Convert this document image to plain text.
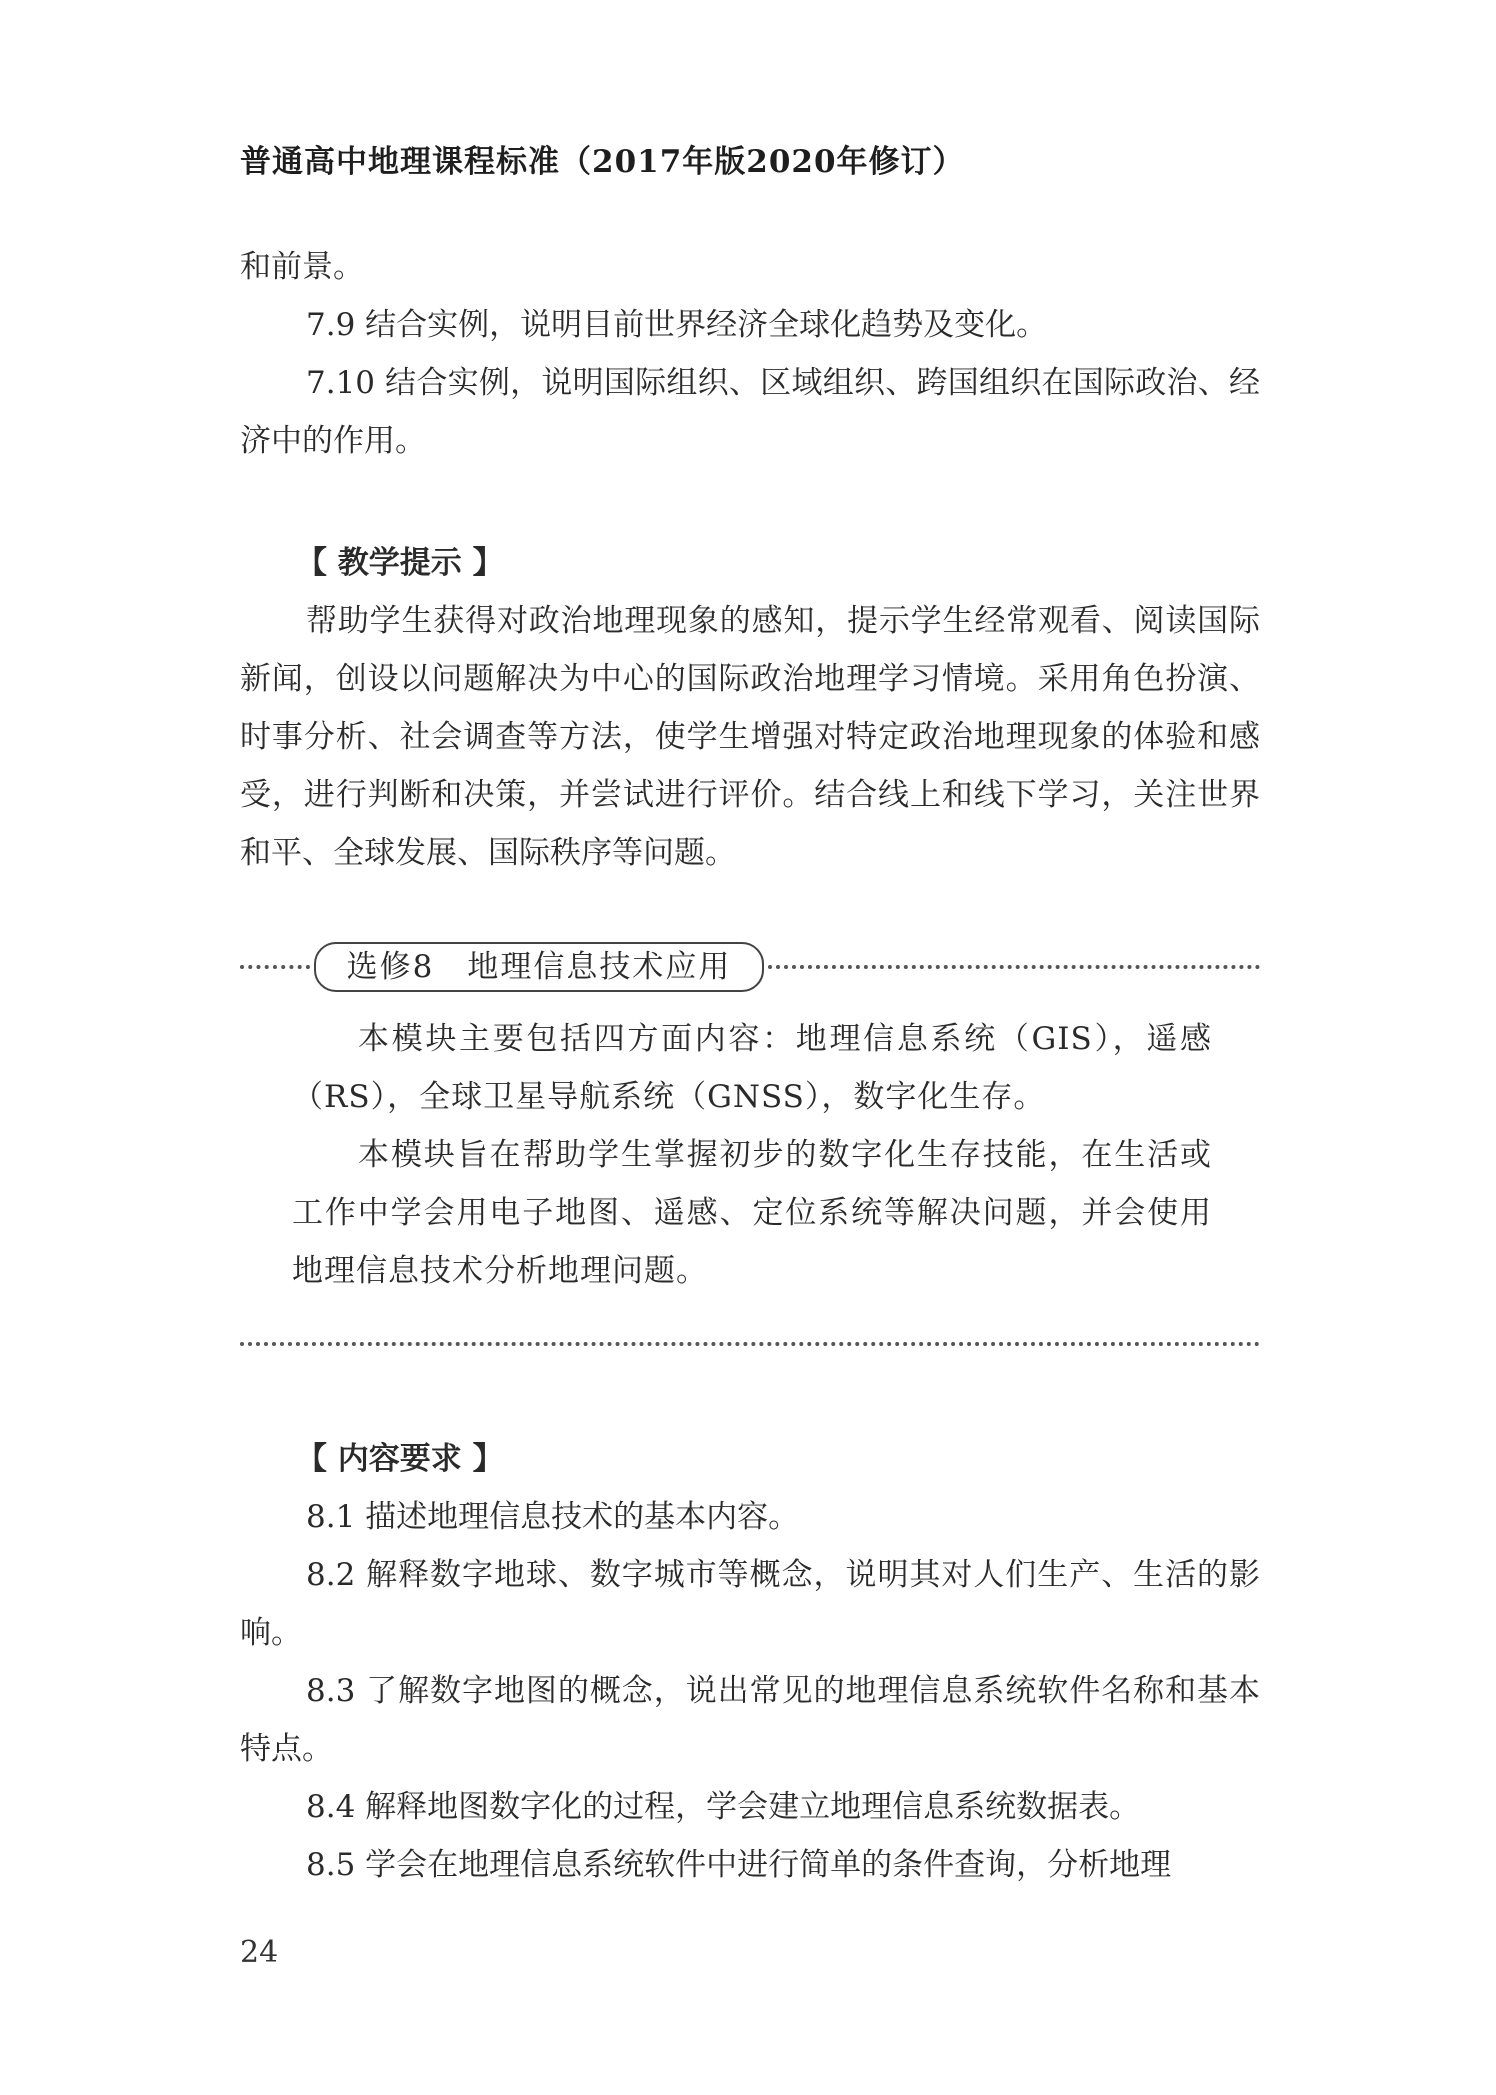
普通高中地理课程标准（2017年版2020年修订）

和前景。

7.9 结合实例，说明目前世界经济全球化趋势及变化。

7.10 结合实例，说明国际组织、区域组织、跨国组织在国际政治、经济中的作用。

【 教学提示 】

帮助学生获得对政治地理现象的感知，提示学生经常观看、阅读国际新闻，创设以问题解决为中心的国际政治地理学习情境。采用角色扮演、时事分析、社会调查等方法，使学生增强对特定政治地理现象的体验和感受，进行判断和决策，并尝试进行评价。结合线上和线下学习，关注世界和平、全球发展、国际秩序等问题。

选修8　地理信息技术应用

本模块主要包括四方面内容：地理信息系统（GIS），遥感（RS），全球卫星导航系统（GNSS），数字化生存。

本模块旨在帮助学生掌握初步的数字化生存技能，在生活或工作中学会用电子地图、遥感、定位系统等解决问题，并会使用地理信息技术分析地理问题。

【 内容要求 】

8.1 描述地理信息技术的基本内容。

8.2 解释数字地球、数字城市等概念，说明其对人们生产、生活的影响。

8.3 了解数字地图的概念，说出常见的地理信息系统软件名称和基本特点。

8.4 解释地图数字化的过程，学会建立地理信息系统数据表。

8.5 学会在地理信息系统软件中进行简单的条件查询，分析地理

24
